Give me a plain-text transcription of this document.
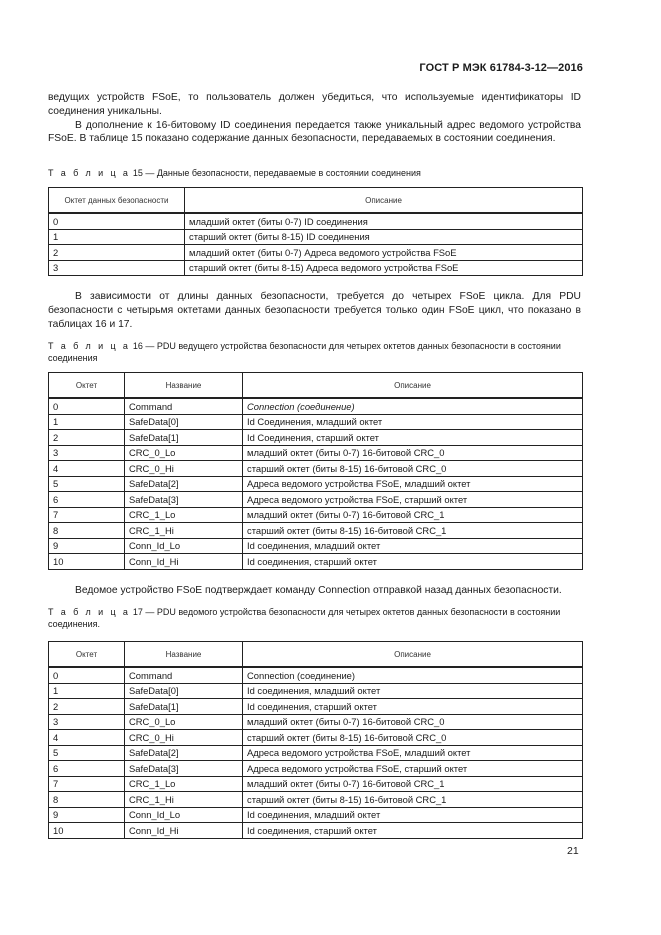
ГОСТ Р МЭК 61784-3-12—2016

ведущих устройств FSoE, то пользователь должен убедиться, что используемые идентификаторы ID соединения уникальны.
В дополнение к 16-битовому ID соединения передается также уникальный адрес ведомого устройства FSoE. В таблице 15 показано содержание данных безопасности, передаваемых в состоянии соединения.

Т а б л и ц а 15 — Данные безопасности, передаваемые в состоянии соединения

Октет данных безопасности	Описание
0	младший октет (биты 0-7) ID соединения
1	старший октет (биты 8-15) ID соединения
2	младший октет (биты 0-7) Адреса ведомого устройства FSoE
3	старший октет (биты 8-15) Адреса ведомого устройства FSoE

В зависимости от длины данных безопасности, требуется до четырех FSoE цикла. Для PDU безопасности с четырьмя октетами данных безопасности требуется только один FSoE цикл, что показано в таблицах 16 и 17.

Т а б л и ц а 16 — PDU ведущего устройства безопасности для четырех октетов данных безопасности в состоянии соединения

Октет	Название	Описание
0	Command	Connection (соединение)
1	SafeData[0]	Id Соединения, младший октет
2	SafeData[1]	Id Соединения, старший октет
3	CRC_0_Lo	младший октет (биты 0-7) 16-битовой CRC_0
4	CRC_0_Hi	старший октет (биты 8-15) 16-битовой CRC_0
5	SafeData[2]	Адреса ведомого устройства FSoE, младший октет
6	SafeData[3]	Адреса ведомого устройства FSoE, старший октет
7	CRC_1_Lo	младший октет (биты 0-7) 16-битовой CRC_1
8	CRC_1_Hi	старший октет (биты 8-15) 16-битовой CRC_1
9	Conn_Id_Lo	Id соединения, младший октет
10	Conn_Id_Hi	Id соединения, старший октет

Ведомое устройство FSoE подтверждает команду Connection отправкой назад данных безопасности.

Т а б л и ц а 17 — PDU ведомого устройства безопасности для четырех октетов данных безопасности в состоянии соединения.

Октет	Название	Описание
0	Command	Connection (соединение)
1	SafeData[0]	Id соединения, младший октет
2	SafeData[1]	Id соединения, старший октет
3	CRC_0_Lo	младший октет (биты 0-7) 16-битовой CRC_0
4	CRC_0_Hi	старший октет (биты 8-15) 16-битовой CRC_0
5	SafeData[2]	Адреса ведомого устройства FSoE, младший октет
6	SafeData[3]	Адреса ведомого устройства FSoE, старший октет
7	CRC_1_Lo	младший октет (биты 0-7) 16-битовой CRC_1
8	CRC_1_Hi	старший октет (биты 8-15) 16-битовой CRC_1
9	Conn_Id_Lo	Id соединения, младший октет
10	Conn_Id_Hi	Id соединения, старший октет
21
